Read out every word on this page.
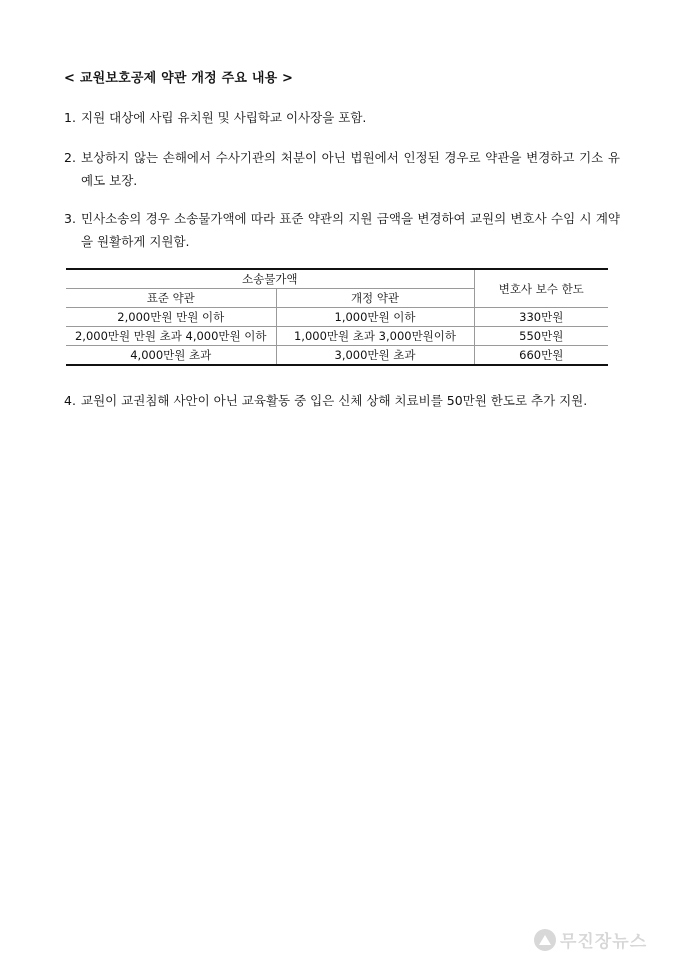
< 교원보호공제 약관 개정 주요 내용 >
1. 지원 대상에 사립 유치원 및 사립학교 이사장을 포함.
2. 보상하지 않는 손해에서 수사기관의 처분이 아닌 법원에서 인정된 경우로 약관을 변경하고 기소 유예도 보장.
3. 민사소송의 경우 소송물가액에 따라 표준 약관의 지원 금액을 변경하여 교원의 변호사 수임 시 계약을 원활하게 지원함.
소송물가액		변호사 보수 한도
표준 약관	개정 약관	
2,000만원 만원 이하	1,000만원 이하	330만원
2,000만원 만원 초과 4,000만원 이하	1,000만원 초과 3,000만원이하	550만원
4,000만원 초과	3,000만원 초과	660만원
4. 교원이 교권침해 사안이 아닌 교육활동 중 입은 신체 상해 치료비를 50만원 한도로 추가 지원.
무진장뉴스
